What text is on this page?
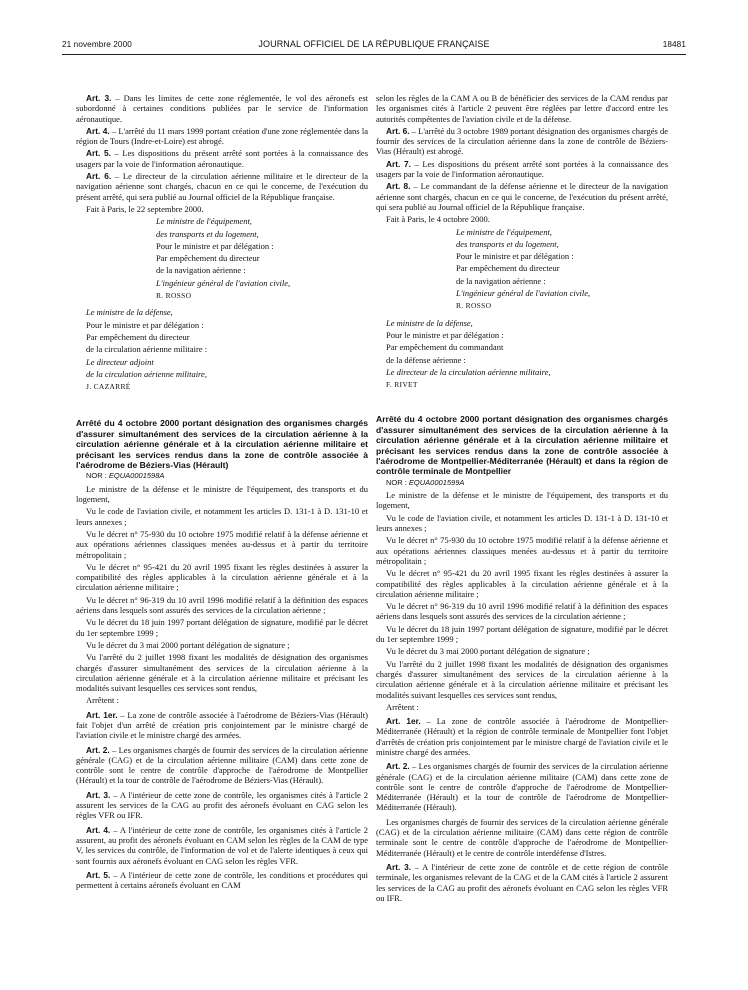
21 novembre 2000	JOURNAL OFFICIEL DE LA RÉPUBLIQUE FRANÇAISE	18481

Art. 3. – Dans les limites de cette zone réglementée, le vol des aéronefs est subordonné à certaines conditions publiées par le service de l'information aéronautique.

Art. 4. – L'arrêté du 11 mars 1999 portant création d'une zone réglementée dans la région de Tours (Indre-et-Loire) est abrogé.

Art. 5. – Les dispositions du présent arrêté sont portées à la connaissance des usagers par la voie de l'information aéronautique.

Art. 6. – Le directeur de la circulation aérienne militaire et le directeur de la navigation aérienne sont chargés, chacun en ce qui le concerne, de l'exécution du présent arrêté, qui sera publié au Journal officiel de la République française.

Fait à Paris, le 22 septembre 2000.

Le ministre de l'équipement,

des transports et du logement,

Pour le ministre et par délégation :

Par empêchement du directeur

de la navigation aérienne :

L'ingénieur général de l'aviation civile,

R. ROSSO

Le ministre de la défense,

Pour le ministre et par délégation :

Par empêchement du directeur

de la circulation aérienne militaire :

Le directeur adjoint

de la circulation aérienne militaire,

J. CAZARRÉ

Arrêté du 4 octobre 2000 portant désignation des organismes chargés d'assurer simultanément des services de la circulation aérienne à la circulation aérienne générale et à la circulation aérienne militaire et précisant les services rendus dans la zone de contrôle associée à l'aérodrome de Béziers-Vias (Hérault)

NOR : EQUA0001598A

Le ministre de la défense et le ministre de l'équipement, des transports et du logement,

Vu le code de l'aviation civile, et notamment les articles D. 131-1 à D. 131-10 et leurs annexes ;

Vu le décret n° 75-930 du 10 octobre 1975 modifié relatif à la défense aérienne et aux opérations aériennes classiques menées au-dessus et à partir du territoire métropolitain ;

Vu le décret n° 95-421 du 20 avril 1995 fixant les règles destinées à assurer la compatibilité des règles applicables à la circulation aérienne générale et à la circulation aérienne militaire ;

Vu le décret n° 96-319 du 10 avril 1996 modifié relatif à la définition des espaces aériens dans lesquels sont assurés des services de la circulation aérienne ;

Vu le décret du 18 juin 1997 portant délégation de signature, modifié par le décret du 1er septembre 1999 ;

Vu le décret du 3 mai 2000 portant délégation de signature ;

Vu l'arrêté du 2 juillet 1998 fixant les modalités de désignation des organismes chargés d'assurer simultanément des services de la circulation aérienne à la circulation aérienne générale et à la circulation aérienne militaire et précisant les modalités suivant lesquelles ces services sont rendus,

Arrêtent :

Art. 1er. – La zone de contrôle associée à l'aérodrome de Béziers-Vias (Hérault) fait l'objet d'un arrêté de création pris conjointement par le ministre chargé de l'aviation civile et le ministre chargé des armées.

Art. 2. – Les organismes chargés de fournir des services de la circulation aérienne générale (CAG) et de la circulation aérienne militaire (CAM) dans cette zone de contrôle sont le centre de contrôle d'approche de l'aérodrome de Montpellier (Hérault) et la tour de contrôle de l'aérodrome de Béziers-Vias (Hérault).

Art. 3. – A l'intérieur de cette zone de contrôle, les organismes cités à l'article 2 assurent les services de la CAG au profit des aéronefs évoluant en CAG selon les règles VFR ou IFR.

Art. 4. – A l'intérieur de cette zone de contrôle, les organismes cités à l'article 2 assurent, au profit des aéronefs évoluant en CAM selon les règles de la CAM de type V, les services du contrôle, de l'information de vol et de l'alerte identiques à ceux qui sont fournis aux aéronefs évoluant en CAG selon les règles VFR.

Art. 5. – A l'intérieur de cette zone de contrôle, les conditions et procédures qui permettent à certains aéronefs évoluant en CAM

selon les règles de la CAM A ou B de bénéficier des services de la CAM rendus par les organismes cités à l'article 2 peuvent être réglées par lettre d'accord entre les autorités compétentes de l'aviation civile et de la défense.

Art. 6. – L'arrêté du 3 octobre 1989 portant désignation des organismes chargés de fournir des services de la circulation aérienne dans la zone de contrôle de Béziers-Vias (Hérault) est abrogé.

Art. 7. – Les dispositions du présent arrêté sont portées à la connaissance des usagers par la voie de l'information aéronautique.

Art. 8. – Le commandant de la défense aérienne et le directeur de la navigation aérienne sont chargés, chacun en ce qui le concerne, de l'exécution du présent arrêté, qui sera publié au Journal officiel de la République française.

Fait à Paris, le 4 octobre 2000.

Le ministre de l'équipement,

des transports et du logement,

Pour le ministre et par délégation :

Par empêchement du directeur

de la navigation aérienne :

L'ingénieur général de l'aviation civile,

R. ROSSO

Le ministre de la défense,

Pour le ministre et par délégation :

Par empêchement du commandant

de la défense aérienne :

Le directeur de la circulation aérienne militaire,

F. RIVET

Arrêté du 4 octobre 2000 portant désignation des organismes chargés d'assurer simultanément des services de la circulation aérienne à la circulation aérienne générale et à la circulation aérienne militaire et précisant les services rendus dans la zone de contrôle associée à l'aérodrome de Montpellier-Méditerranée (Hérault) et dans la région de contrôle terminale de Montpellier

NOR : EQUA0001599A

Le ministre de la défense et le ministre de l'équipement, des transports et du logement,

Vu le code de l'aviation civile, et notamment les articles D. 131-1 à D. 131-10 et leurs annexes ;

Vu le décret n° 75-930 du 10 octobre 1975 modifié relatif à la défense aérienne et aux opérations aériennes classiques menées au-dessus et à partir du territoire métropolitain ;

Vu le décret n° 95-421 du 20 avril 1995 fixant les règles destinées à assurer la compatibilité des règles applicables à la circulation aérienne générale et à la circulation aérienne militaire ;

Vu le décret n° 96-319 du 10 avril 1996 modifié relatif à la définition des espaces aériens dans lesquels sont assurés des services de la circulation aérienne ;

Vu le décret du 18 juin 1997 portant délégation de signature, modifié par le décret du 1er septembre 1999 ;

Vu le décret du 3 mai 2000 portant délégation de signature ;

Vu l'arrêté du 2 juillet 1998 fixant les modalités de désignation des organismes chargés d'assurer simultanément des services de la circulation aérienne à la circulation aérienne générale et à la circulation aérienne militaire et précisant les modalités suivant lesquelles ces services sont rendus,

Arrêtent :

Art. 1er. – La zone de contrôle associée à l'aérodrome de Montpellier-Méditerranée (Hérault) et la région de contrôle terminale de Montpellier font l'objet d'arrêtés de création pris conjointement par le ministre chargé de l'aviation civile et le ministre chargé des armées.

Art. 2. – Les organismes chargés de fournir des services de la circulation aérienne générale (CAG) et de la circulation aérienne militaire (CAM) dans cette zone de contrôle sont le centre de contrôle d'approche de l'aérodrome de Montpellier-Méditerranée (Hérault) et la tour de contrôle de l'aérodrome de Montpellier-Méditerranée (Hérault).

Les organismes chargés de fournir des services de la circulation aérienne générale (CAG) et de la circulation aérienne militaire (CAM) dans cette région de contrôle terminale sont le centre de contrôle d'approche de l'aérodrome de Montpellier-Méditerranée (Hérault) et le centre de contrôle interdéfense d'Istres.

Art. 3. – A l'intérieur de cette zone de contrôle et de cette région de contrôle terminale, les organismes relevant de la CAG et de la CAM cités à l'article 2 assurent les services de la CAG au profit des aéronefs évoluant en CAG selon les règles VFR ou IFR.
